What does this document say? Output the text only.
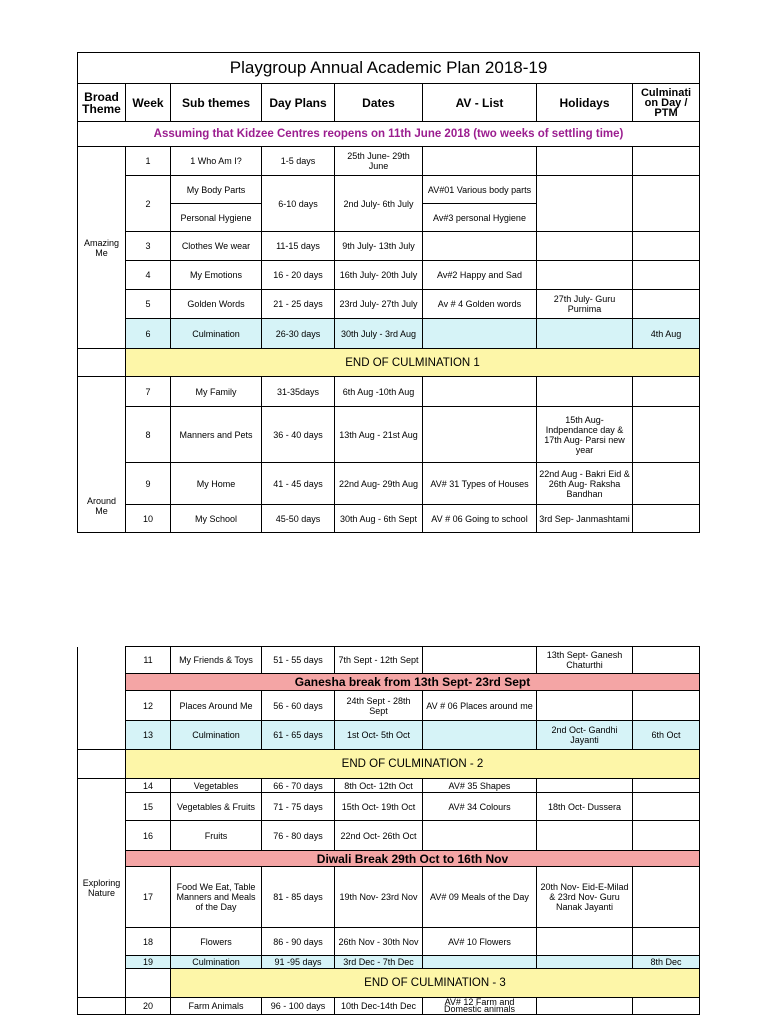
Playgroup Annual Academic Plan 2018-19							
Broad Theme	Week	Sub themes	Day Plans	Dates	AV - List	Holidays	Culminati on Day / PTM
Assuming that Kidzee Centres reopens on 11th June 2018 (two weeks of settling time)							
Amazing Me	1	1 Who Am I?	1-5 days	25th June- 29th June			
	2	My Body Parts	6-10 days	2nd July- 6th July	AV#01 Various body parts		
		Personal Hygiene			Av#3 personal Hygiene		
	3	Clothes We wear	11-15 days	9th July- 13th July			
	4	My Emotions	16 - 20 days	16th July- 20th July	Av#2 Happy and Sad		
	5	Golden Words	21 - 25 days	23rd July- 27th July	Av # 4 Golden words	27th July- Guru Purnima	
	6	Culmination	26-30 days	30th July - 3rd Aug			4th Aug
	END OF CULMINATION 1						
Around Me	7	My Family	31-35days	6th Aug -10th Aug			
	8	Manners and Pets	36 - 40 days	13th Aug - 21st Aug		15th Aug- Indpendance day & 17th Aug- Parsi new year	
	9	My Home	41 - 45 days	22nd Aug- 29th Aug	AV# 31 Types of Houses	22nd Aug - Bakri Eid & 26th Aug- Raksha Bandhan	
	10	My School	45-50 days	30th Aug - 6th Sept	AV # 06 Going to school	3rd Sep- Janmashtami	
	11	My Friends & Toys	51 - 55 days	7th Sept - 12th Sept		13th Sept- Ganesh Chaturthi	
	Ganesha break from 13th Sept- 23rd Sept						
	12	Places Around Me	56 - 60 days	24th Sept - 28th Sept	AV # 06 Places around me		
	13	Culmination	61 - 65 days	1st Oct- 5th Oct		2nd Oct- Gandhi Jayanti	6th Oct
	END OF CULMINATION - 2						
Exploring Nature	14	Vegetables	66 - 70 days	8th Oct- 12th Oct	AV# 35 Shapes		
	15	Vegetables & Fruits	71 - 75 days	15th Oct- 19th Oct	AV# 34 Colours	18th Oct- Dussera	
	16	Fruits	76 - 80 days	22nd Oct- 26th Oct			
	Diwali Break 29th Oct to 16th Nov						
	17	Food We Eat, Table Manners and Meals of the Day	81 - 85 days	19th Nov- 23rd Nov	AV# 09 Meals of the Day	20th Nov- Eid-E-Milad & 23rd Nov- Guru Nanak Jayanti	
	18	Flowers	86 - 90 days	26th Nov - 30th Nov	AV# 10 Flowers		
	19	Culmination	91 -95 days	3rd Dec - 7th Dec			8th Dec
		END OF CULMINATION - 3					
	20	Farm Animals	96 - 100 days	10th Dec-14th Dec	AV# 12 Farm and Domestic animals		
